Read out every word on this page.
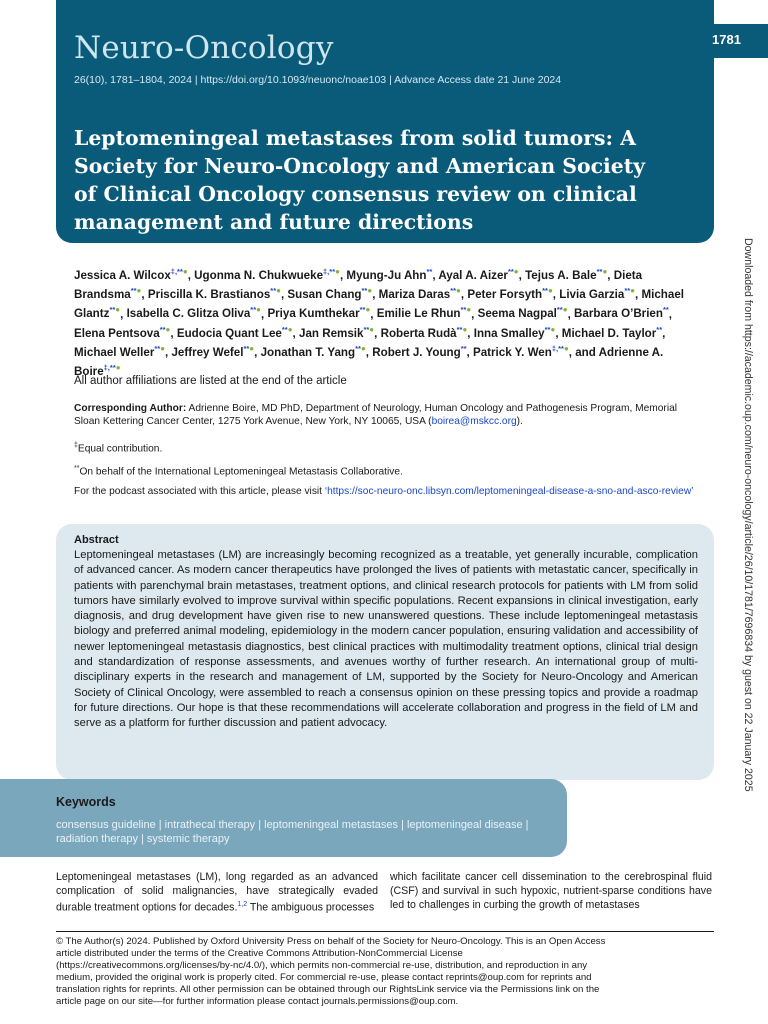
Neuro-Oncology
26(10), 1781–1804, 2024 | https://doi.org/10.1093/neuonc/noae103 | Advance Access date 21 June 2024
1781
Leptomeningeal metastases from solid tumors: A Society for Neuro-Oncology and American Society of Clinical Oncology consensus review on clinical management and future directions

Jessica A. Wilcox‡,**●, Ugonma N. Chukwueke‡,**●, Myung-Ju Ahn**, Ayal A. Aizer**●, Tejus A. Bale**●, Dieta Brandsma**●, Priscilla K. Brastianos**●, Susan Chang**●, Mariza Daras**●, Peter Forsyth**●, Livia Garzia**●, Michael Glantz**●, Isabella C. Glitza Oliva**●, Priya Kumthekar**●, Emilie Le Rhun**●, Seema Nagpal**●, Barbara O’Brien**, Elena Pentsova**●, Eudocia Quant Lee**●, Jan Remsik**●, Roberta Rudà**●, Inna Smalley**●, Michael D. Taylor**, Michael Weller**●, Jeffrey Wefel**●, Jonathan T. Yang**●, Robert J. Young**, Patrick Y. Wen‡,**●, and Adrienne A. Boire‡,**●

All author affiliations are listed at the end of the article

Corresponding Author: Adrienne Boire, MD PhD, Department of Neurology, Human Oncology and Pathogenesis Program, Memorial Sloan Kettering Cancer Center, 1275 York Avenue, New York, NY 10065, USA (boirea@mskcc.org).

‡Equal contribution.

**On behalf of the International Leptomeningeal Metastasis Collaborative.

For the podcast associated with this article, please visit ‘https://soc-neuro-onc.libsyn.com/leptomeningeal-disease-a-sno-and-asco-review’

Abstract

Leptomeningeal metastases (LM) are increasingly becoming recognized as a treatable, yet generally incurable, complication of advanced cancer. As modern cancer therapeutics have prolonged the lives of patients with metastatic cancer, specifically in patients with parenchymal brain metastases, treatment options, and clinical research protocols for patients with LM from solid tumors have similarly evolved to improve survival within specific populations. Recent expansions in clinical investigation, early diagnosis, and drug development have given rise to new unanswered questions. These include leptomeningeal metastasis biology and preferred animal modeling, epidemiology in the modern cancer population, ensuring validation and accessibility of newer leptomeningeal metastasis diagnostics, best clinical practices with multimodality treatment options, clinical trial design and standardization of response assessments, and avenues worthy of further research. An international group of multi-disciplinary experts in the research and management of LM, supported by the Society for Neuro-Oncology and American Society of Clinical Oncology, were assembled to reach a consensus opinion on these pressing topics and provide a roadmap for future directions. Our hope is that these recommendations will accelerate collaboration and progress in the field of LM and serve as a platform for further discussion and patient advocacy.

Keywords

consensus guideline | intrathecal therapy | leptomeningeal metastases | leptomeningeal disease | radiation therapy | systemic therapy

Leptomeningeal metastases (LM), long regarded as an advanced complication of solid malignancies, have strategically evaded durable treatment options for decades.$^{1,2}$ The ambiguous processes

which facilitate cancer cell dissemination to the cerebrospinal fluid (CSF) and survival in such hypoxic, nutrient-sparse conditions have led to challenges in curbing the growth of metastases

© The Author(s) 2024. Published by Oxford University Press on behalf of the Society for Neuro-Oncology. This is an Open Access article distributed under the terms of the Creative Commons Attribution-NonCommercial License (https://creativecommons.org/licenses/by-nc/4.0/), which permits non-commercial re-use, distribution, and reproduction in any medium, provided the original work is properly cited. For commercial re-use, please contact reprints@oup.com for reprints and translation rights for reprints. All other permission can be obtained through our RightsLink service via the Permissions link on the article page on our site—for further information please contact journals.permissions@oup.com.

Downloaded from https://academic.oup.com/neuro-oncology/article/26/10/1781/7696834 by guest on 22 January 2025
